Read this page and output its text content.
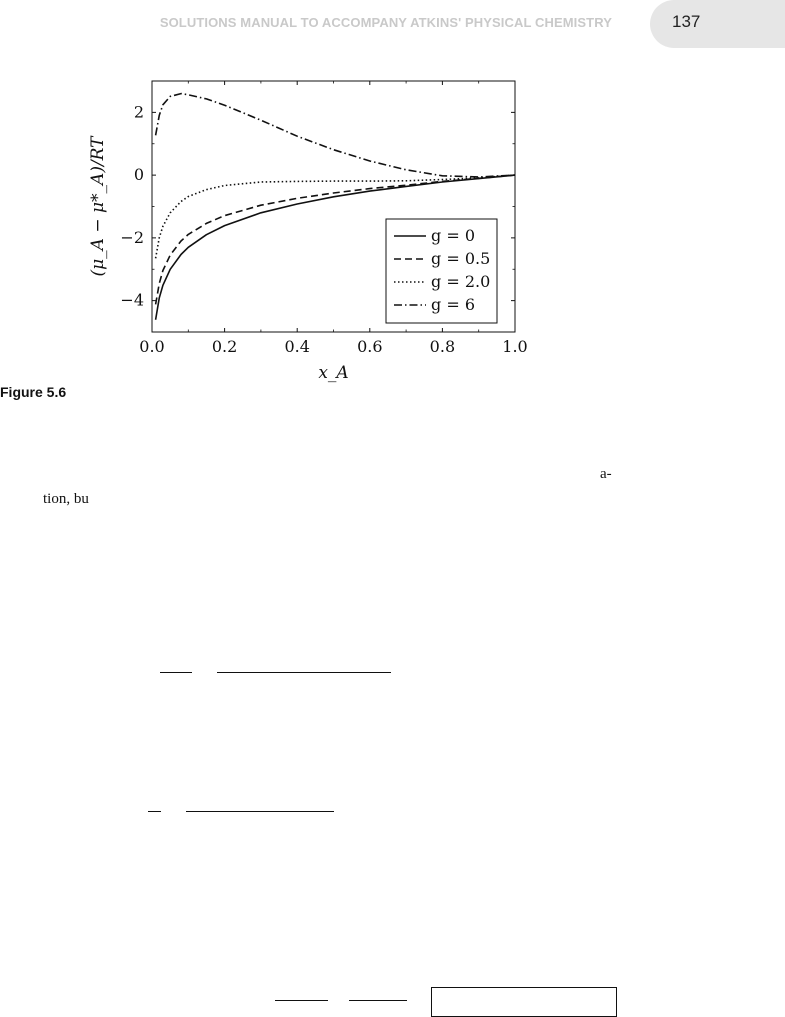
SOLUTIONS MANUAL TO ACCOMPANY ATKINS' PHYSICAL CHEMISTRY	137
0.0	0.2	0.4	0.6	0.8	1.0
−4
−2
0
2
x_A
(μ_A − μ*_A)/RT	g = 0
g = 0.5
g = 2.0
g = 6
Figure 5.6
a-
tion, bu
